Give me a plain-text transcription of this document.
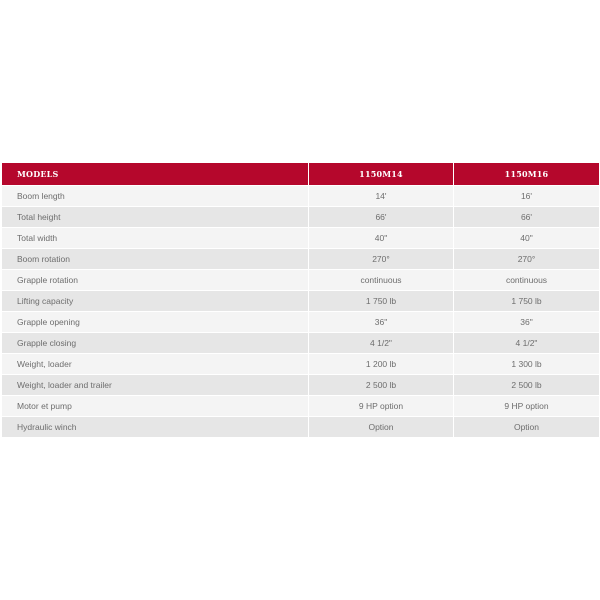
MODELS	1150M14	1150M16
Boom length	14'	16'
Total height	66'	66'
Total width	40"	40"
Boom rotation	270°	270°
Grapple rotation	continuous	continuous
Lifting capacity	1 750 lb	1 750 lb
Grapple opening	36"	36"
Grapple closing	4 1/2"	4 1/2"
Weight, loader	1 200 lb	1 300 lb
Weight, loader and trailer	2 500 lb	2 500 lb
Motor et pump	9 HP option	9 HP option
Hydraulic winch	Option	Option
